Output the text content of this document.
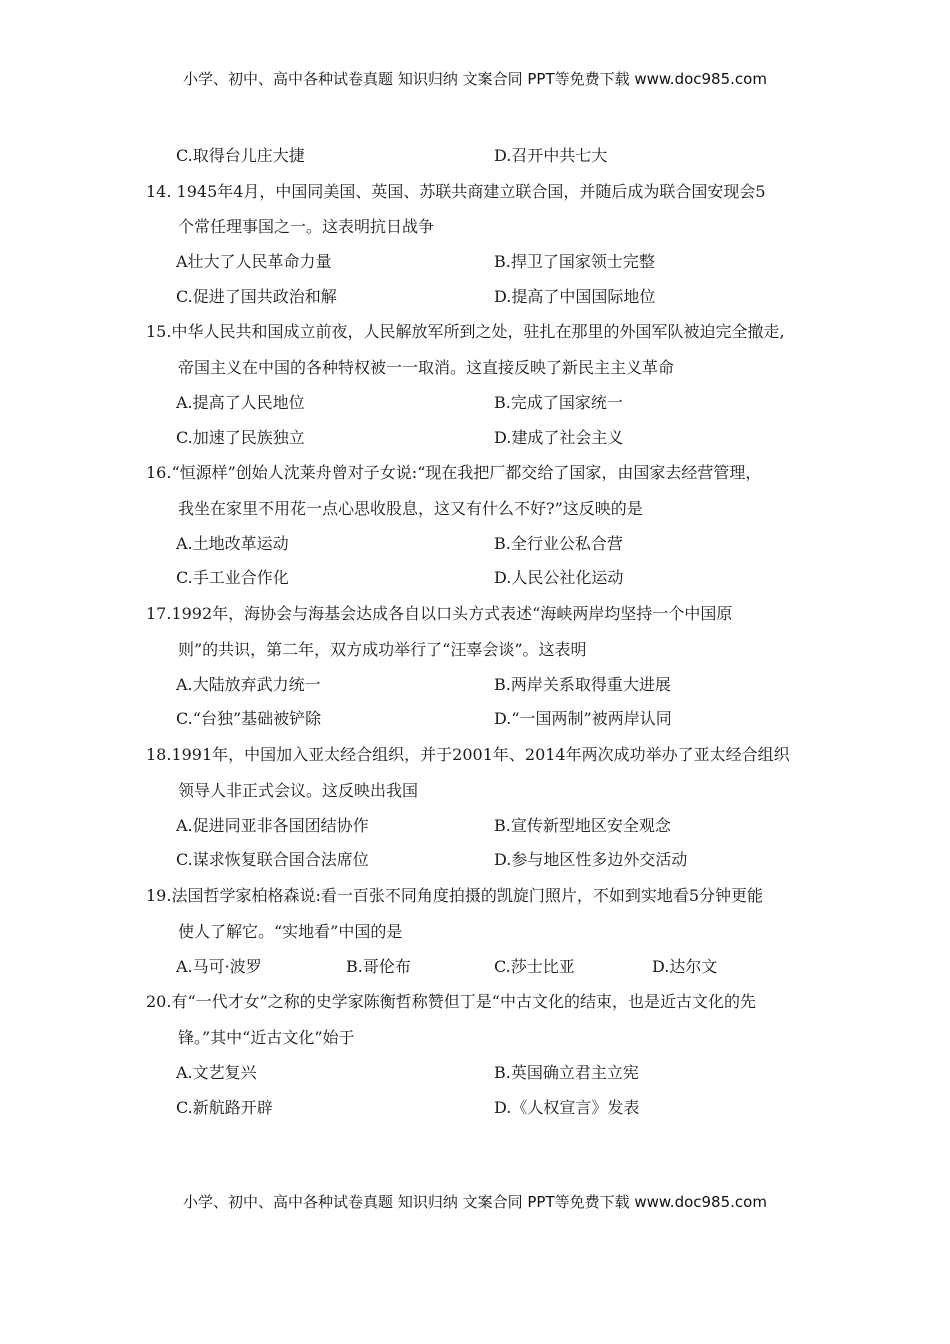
小学、初中、高中各种试卷真题 知识归纳 文案合同 PPT等免费下载 www.doc985.com
C.取得台儿庄大捷	D.召开中共七大
14. 1945年4月，中国同美国、英国、苏联共商建立联合国，并随后成为联合国安现会5
个常任理事国之一。这表明抗日战争
A壮大了人民革命力量	B.捍卫了国家领士完整
C.促进了国共政治和解	D.提高了中国国际地位
15.中华人民共和国成立前夜，人民解放军所到之处，驻扎在那里的外国军队被迫完全撤走,
帝国主义在中国的各种特权被一一取消。这直接反映了新民主主义革命
A.提高了人民地位	B.完成了国家统一
C.加速了民族独立	D.建成了社会主义
16.“恒源样”创始人沈莱舟曾对子女说:“现在我把厂都交给了国家，由国家去经营管理，
我坐在家里不用花一点心思收股息，这又有什么不好?”这反映的是
A.土地改革运动	B.全行业公私合营
C.手工业合作化	D.人民公社化运动
17.1992年，海协会与海基会达成各自以口头方式表述“海峡两岸均坚持一个中国原
则”的共识，第二年，双方成功举行了“汪辜会谈”。这表明
A.大陆放弃武力统一	B.两岸关系取得重大进展
C.“台独”基础被铲除	D.“一国两制”被两岸认同
18.1991年，中国加入亚太经合组织，并于2001年、2014年两次成功举办了亚太经合组织
领导人非正式会议。这反映出我国
A.促进同亚非各国团结协作	B.宣传新型地区安全观念
C.谋求恢复联合国合法席位	D.参与地区性多边外交活动
19.法国哲学家柏格森说:看一百张不同角度拍摄的凯旋门照片，不如到实地看5分钟更能
使人了解它。“实地看”中国的是
A.马可·波罗	B.哥伦布	C.莎士比亚	D.达尔文
20.有“一代才女”之称的史学家陈衡哲称赞但丁是“中古文化的结束，也是近古文化的先
锋。”其中“近古文化”始于
A.文艺复兴	B.英国确立君主立宪
C.新航路开辟	D.《人权宣言》发表
小学、初中、高中各种试卷真题 知识归纳 文案合同 PPT等免费下载 www.doc985.com
